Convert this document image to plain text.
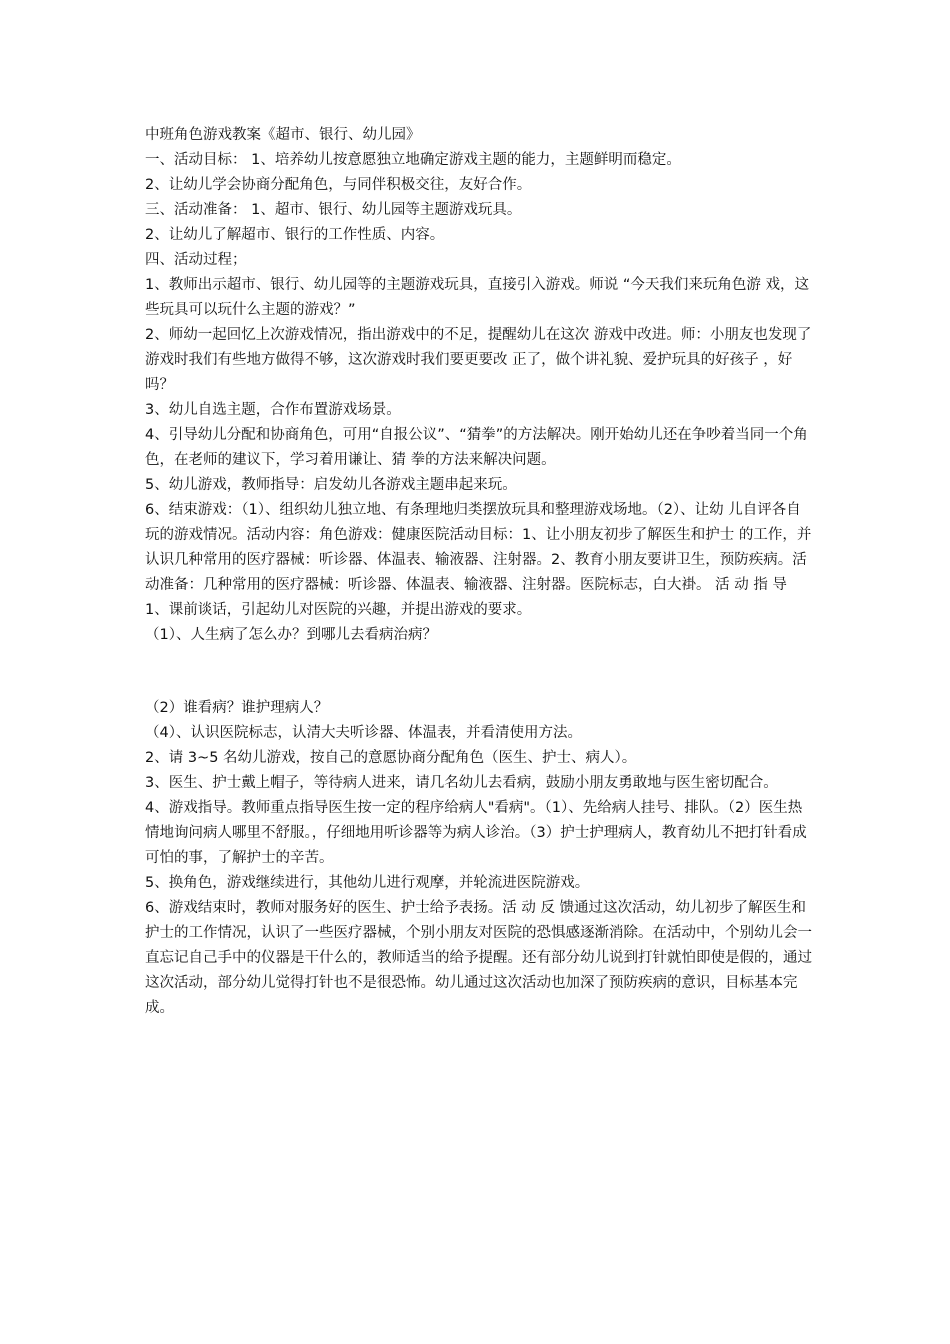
中班角色游戏教案《超市、银行、幼儿园》

一、活动目标： 1、培养幼儿按意愿独立地确定游戏主题的能力，主题鲜明而稳定。

2、让幼儿学会协商分配角色，与同伴积极交往，友好合作。

三、活动准备： 1、超市、银行、幼儿园等主题游戏玩具。

2、让幼儿了解超市、银行的工作性质、内容。

四、活动过程；

1、教师出示超市、银行、幼儿园等的主题游戏玩具，直接引入游戏。师说 “今天我们来玩角色游 戏，这些玩具可以玩什么主题的游戏？”

2、师幼一起回忆上次游戏情况，指出游戏中的不足，提醒幼儿在这次 游戏中改进。师：小朋友也发现了游戏时我们有些地方做得不够，这次游戏时我们要更要改 正了，做个讲礼貌、爱护玩具的好孩子 ，好吗？

3、幼儿自选主题，合作布置游戏场景。

4、引导幼儿分配和协商角色，可用“自报公议”、“猜拳”的方法解决。刚开始幼儿还在争吵着当同一个角色，在老师的建议下，学习着用谦让、猜 拳的方法来解决问题。

5、幼儿游戏，教师指导：启发幼儿各游戏主题串起来玩。

6、结束游戏：（1）、组织幼儿独立地、有条理地归类摆放玩具和整理游戏场地。（2）、让幼 儿自评各自玩的游戏情况。活动内容：角色游戏：健康医院活动目标：1、让小朋友初步了解医生和护士 的工作，并认识几种常用的医疗器械：听诊器、体温表、输液器、注射器。2、教育小朋友要讲卫生，预防疾病。活动准备：几种常用的医疗器械：听诊器、体温表、输液器、注射器。医院标志，白大褂。 活 动 指 导 1、课前谈话，引起幼儿对医院的兴趣，并提出游戏的要求。

（1）、人生病了怎么办？到哪儿去看病治病？

（2）谁看病？谁护理病人？

（4）、认识医院标志，认清大夫听诊器、体温表，并看清使用方法。

2、请 3~5 名幼儿游戏，按自己的意愿协商分配角色（医生、护士、病人）。

3、医生、护士戴上帽子，等待病人进来，请几名幼儿去看病，鼓励小朋友勇敢地与医生密切配合。

4、游戏指导。教师重点指导医生按一定的程序给病人"看病"。（1）、先给病人挂号、排队。（2）医生热情地询问病人哪里不舒服。，仔细地用听诊器等为病人诊治。（3）护士护理病人，教育幼儿不把打针看成可怕的事，了解护士的辛苦。

5、换角色，游戏继续进行，其他幼儿进行观摩，并轮流进医院游戏。

6、游戏结束时，教师对服务好的医生、护士给予表扬。活 动 反 馈通过这次活动，幼儿初步了解医生和护士的工作情况，认识了一些医疗器械，个别小朋友对医院的恐惧感逐渐消除。在活动中，个别幼儿会一直忘记自己手中的仪器是干什么的，教师适当的给予提醒。还有部分幼儿说到打针就怕即使是假的，通过这次活动，部分幼儿觉得打针也不是很恐怖。幼儿通过这次活动也加深了预防疾病的意识，目标基本完成。
